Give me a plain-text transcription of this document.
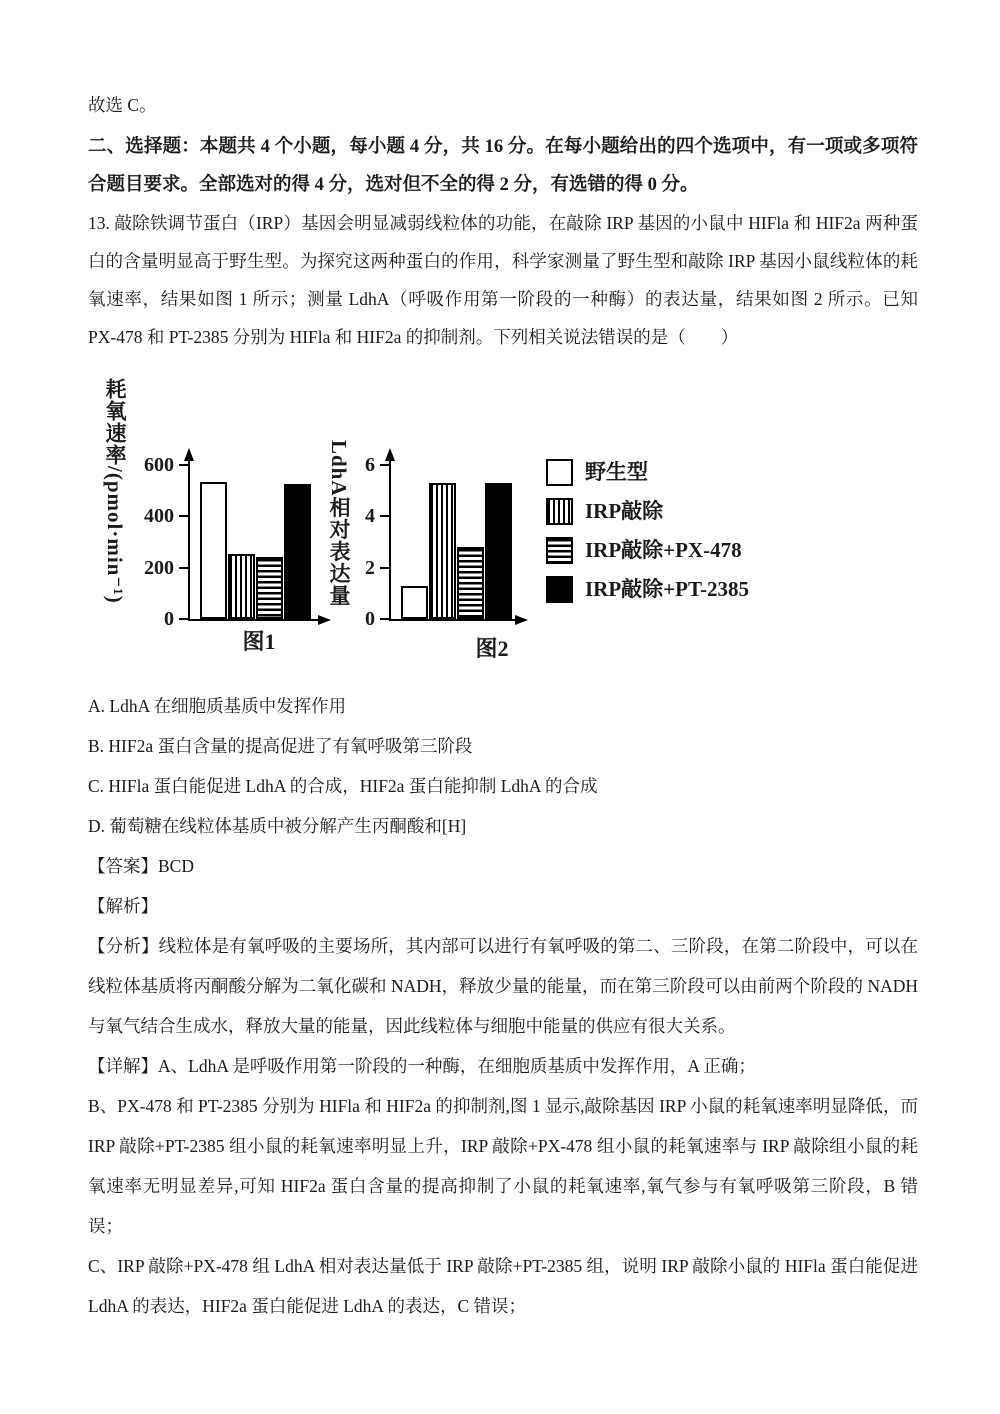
故选 C。

二、选择题：本题共 4 个小题，每小题 4 分，共 16 分。在每小题给出的四个选项中，有一项或多项符合题目要求。全部选对的得 4 分，选对但不全的得 2 分，有选错的得 0 分。

13. 敲除铁调节蛋白（IRP）基因会明显减弱线粒体的功能，在敲除 IRP 基因的小鼠中 HIFla 和 HIF2a 两种蛋白的含量明显高于野生型。为探究这两种蛋白的作用，科学家测量了野生型和敲除 IRP 基因小鼠线粒体的耗氧速率，结果如图 1 所示；测量 LdhA（呼吸作用第一阶段的一种酶）的表达量，结果如图 2 所示。已知 PX-478 和 PT-2385 分别为 HIFla 和 HIF2a 的抑制剂。下列相关说法错误的是（　　）

0
200
400
600
耗氧速率/(pmol·min⁻¹)
图1
0
2
4
6
LdhA相对表达量
图2
野生型
IRP敲除
IRP敲除+PX-478
IRP敲除+PT-2385

A. LdhA 在细胞质基质中发挥作用

B. HIF2a 蛋白含量的提高促进了有氧呼吸第三阶段

C. HIFla 蛋白能促进 LdhA 的合成，HIF2a 蛋白能抑制 LdhA 的合成

D. 葡萄糖在线粒体基质中被分解产生丙酮酸和[H]

【答案】BCD

【解析】

【分析】线粒体是有氧呼吸的主要场所，其内部可以进行有氧呼吸的第二、三阶段，在第二阶段中，可以在线粒体基质将丙酮酸分解为二氧化碳和 NADH，释放少量的能量，而在第三阶段可以由前两个阶段的 NADH 与氧气结合生成水，释放大量的能量，因此线粒体与细胞中能量的供应有很大关系。

【详解】A、LdhA 是呼吸作用第一阶段的一种酶，在细胞质基质中发挥作用，A 正确；

B、PX-478 和 PT-2385 分别为 HIFla 和 HIF2a 的抑制剂,图 1 显示,敲除基因 IRP 小鼠的耗氧速率明显降低，而 IRP 敲除+PT-2385 组小鼠的耗氧速率明显上升，IRP 敲除+PX-478 组小鼠的耗氧速率与 IRP 敲除组小鼠的耗氧速率无明显差异,可知 HIF2a 蛋白含量的提高抑制了小鼠的耗氧速率,氧气参与有氧呼吸第三阶段，B 错误；

C、IRP 敲除+PX-478 组 LdhA 相对表达量低于 IRP 敲除+PT-2385 组，说明 IRP 敲除小鼠的 HIFla 蛋白能促进 LdhA 的表达，HIF2a 蛋白能促进 LdhA 的表达，C 错误；
